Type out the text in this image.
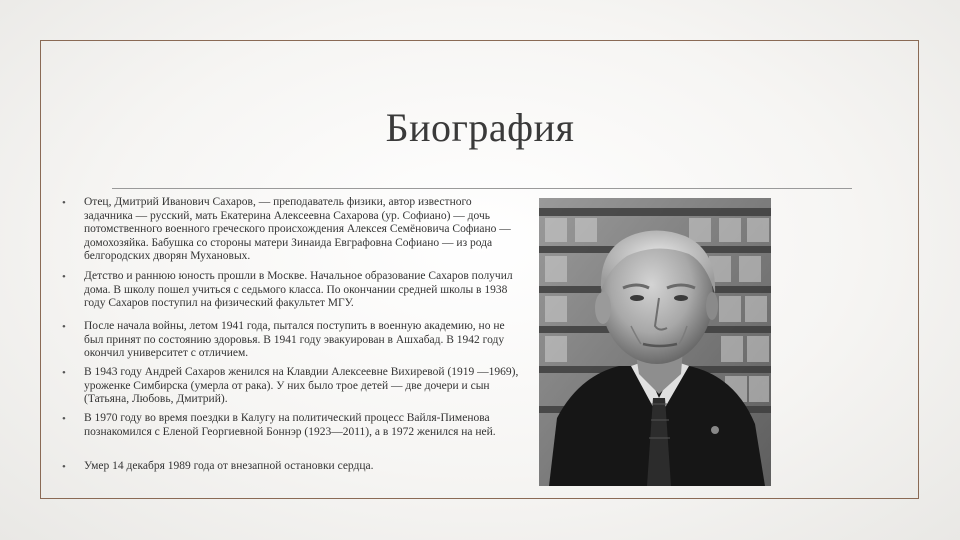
Биография
•	Отец, Дмитрий Иванович Сахаров, — преподаватель физики, автор известного задачника — русский, мать Екатерина Алексеевна Сахарова (ур. Софиано) — дочь потомственного военного греческого происхождения Алексея Семёновича Софиано — домохозяйка. Бабушка со стороны матери Зинаида Евграфовна Софиано — из рода белгородских дворян Мухановых.
•	Детство и раннюю юность прошли в Москве. Начальное образование Сахаров получил дома. В школу пошел учиться с седьмого класса. По окончании средней школы в 1938 году Сахаров поступил на физический факультет МГУ.
•	После начала войны, летом 1941 года, пытался поступить в военную академию, но не был принят по состоянию здоровья. В 1941 году эвакуирован в Ашхабад. В 1942 году окончил университет с отличием.
•	В 1943 году Андрей Сахаров женился на Клавдии Алексеевне Вихиревой (1919 —1969), уроженке Симбирска (умерла от рака). У них было трое детей — две дочери и сын (Татьяна, Любовь, Дмитрий).
•	В 1970 году во время поездки в Калугу на политический процесс Вайля-Пименова познакомился с Еленой Георгиевной Боннэр (1923—2011), а в 1972 женился на ней.
•	Умер 14 декабря 1989 года от внезапной остановки сердца.
